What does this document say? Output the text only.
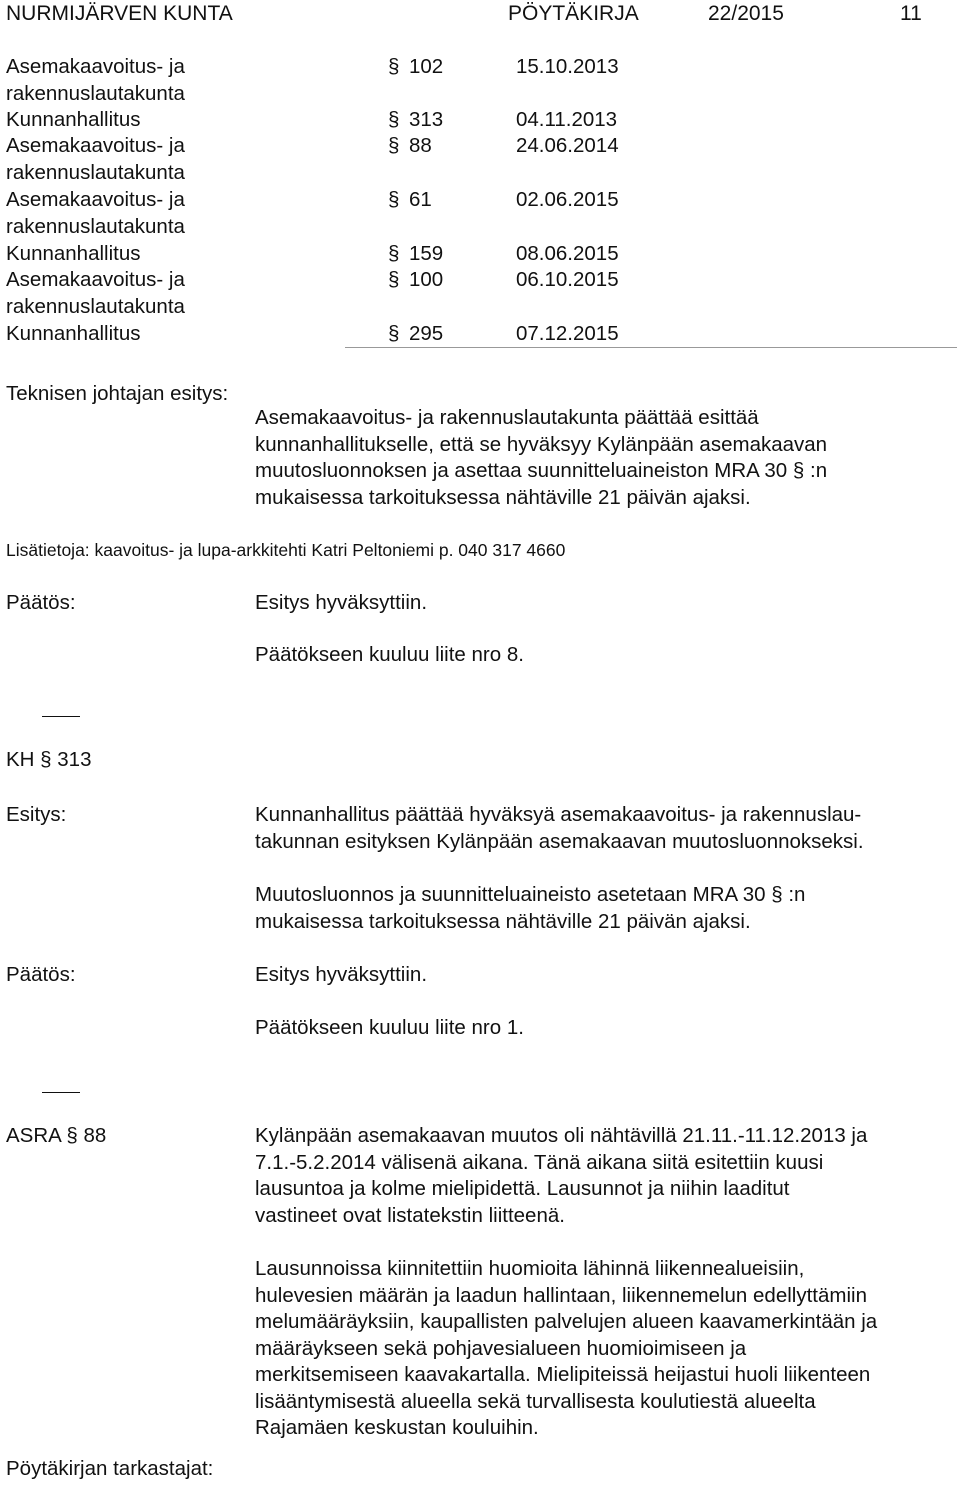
NURMIJÄRVEN KUNTA	PÖYTÄKIRJA	22/2015	11
Asemakaavoitus- ja
rakennuslautakunta
§ 102	15.10.2013
Kunnanhallitus	§ 313	04.11.2013
Asemakaavoitus- ja
rakennuslautakunta
§ 88	24.06.2014
Asemakaavoitus- ja
rakennuslautakunta
§ 61	02.06.2015
Kunnanhallitus	§ 159	08.06.2015
Asemakaavoitus- ja
rakennuslautakunta
§ 100	06.10.2015
Kunnanhallitus	§ 295	07.12.2015
Teknisen johtajan esitys:
Asemakaavoitus- ja rakennuslautakunta päättää esittää
kunnanhallitukselle, että se hyväksyy Kylänpään asemakaavan
muutosluonnoksen ja asettaa suunnitteluaineiston MRA 30 § :n
mukaisessa tarkoituksessa nähtäville 21 päivän ajaksi.
Lisätietoja: kaavoitus- ja lupa-arkkitehti Katri Peltoniemi p. 040 317 4660
Päätös:	Esitys hyväksyttiin.
Päätökseen kuuluu liite nro 8.
KH § 313
Esitys:	Kunnanhallitus päättää hyväksyä asemakaavoitus- ja rakennuslau-
takunnan esityksen Kylänpään asemakaavan muutosluonnokseksi.
Muutosluonnos ja suunnitteluaineisto asetetaan MRA 30 § :n
mukaisessa tarkoituksessa nähtäville 21 päivän ajaksi.
Päätös:	Esitys hyväksyttiin.
Päätökseen kuuluu liite nro 1.
ASRA § 88	Kylänpään asemakaavan muutos oli nähtävillä 21.11.-11.12.2013 ja
7.1.-5.2.2014 välisenä aikana. Tänä aikana siitä esitettiin kuusi
lausuntoa ja kolme mielipidettä. Lausunnot ja niihin laaditut
vastineet ovat listatekstin liitteenä.
Lausunnoissa kiinnitettiin huomioita lähinnä liikennealueisiin,
hulevesien määrän ja laadun hallintaan, liikennemelun edellyttämiin
melumääräyksiin, kaupallisten palvelujen alueen kaavamerkintään ja
määräykseen sekä pohjavesialueen huomioimiseen ja
merkitsemiseen kaavakartalla. Mielipiteissä heijastui huoli liikenteen
lisääntymisestä alueella sekä turvallisesta koulutiestä alueelta
Rajamäen keskustan kouluihin.
Pöytäkirjan tarkastajat:
